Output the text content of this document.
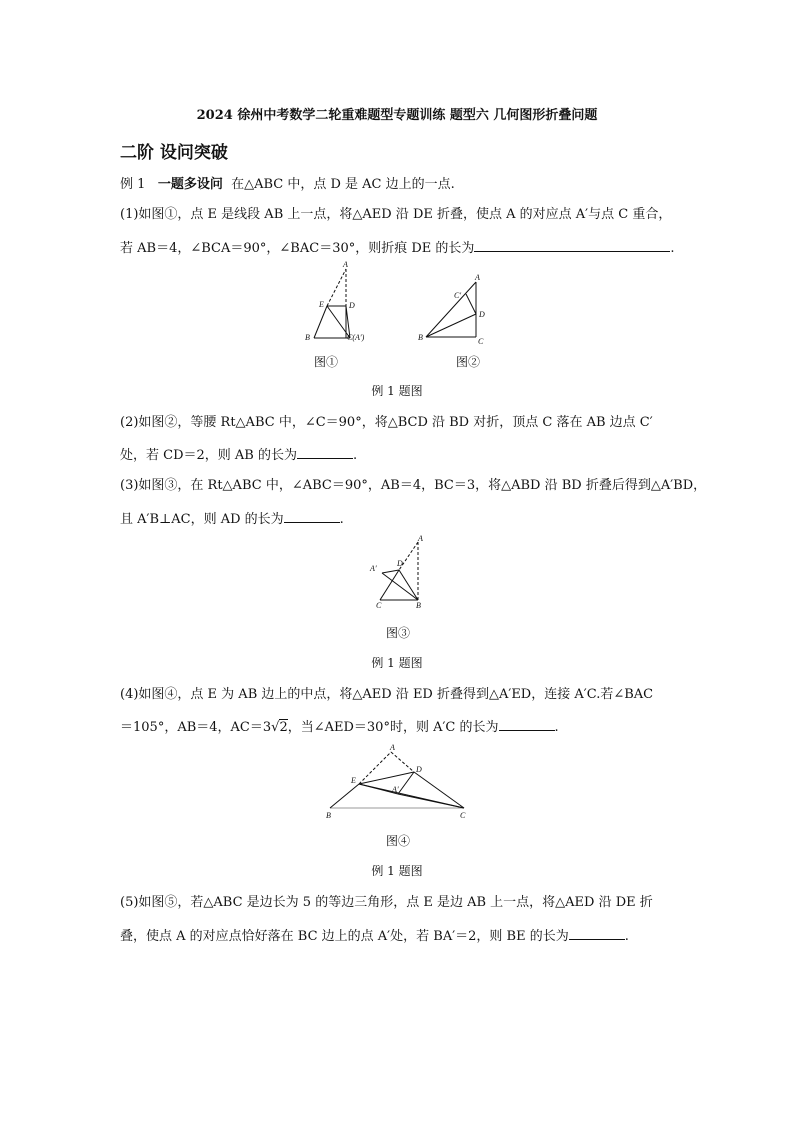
2024 徐州中考数学二轮重难题型专题训练 题型六 几何图形折叠问题
二阶 设问突破
例 1 一题多设问 在△ABC 中，点 D 是 AC 边上的一点.
(1)如图①，点 E 是线段 AB 上一点，将△AED 沿 DE 折叠，使点 A 的对应点 A′与点 C 重合，
若 AB＝4，∠BCA＝90°，∠BAC＝30°，则折痕 DE 的长为	.
A
E	D
B	C(A′)
图①
A
C′
D
B	C
图②
例 1 题图
(2)如图②，等腰 Rt△ABC 中，∠C＝90°，将△BCD 沿 BD 对折，顶点 C 落在 AB 边点 C′
处，若 CD＝2，则 AB 的长为	.
(3)如图③，在 Rt△ABC 中，∠ABC＝90°，AB＝4，BC＝3，将△ABD 沿 BD 折叠后得到△A′BD，
且 A′B⊥AC，则 AD 的长为	.
A
A′
D
C	B
图③
例 1 题图
(4)如图④，点 E 为 AB 边上的中点，将△AED 沿 ED 折叠得到△A′ED，连接 A′C.若∠BAC
＝105°，AB＝4，AC＝3√2，当∠AED＝30°时，则 A′C 的长为	.
A
E
D
A′
B	C
图④
例 1 题图
(5)如图⑤，若△ABC 是边长为 5 的等边三角形，点 E 是边 AB 上一点，将△AED 沿 DE 折
叠，使点 A 的对应点恰好落在 BC 边上的点 A′处，若 BA′＝2，则 BE 的长为	.
